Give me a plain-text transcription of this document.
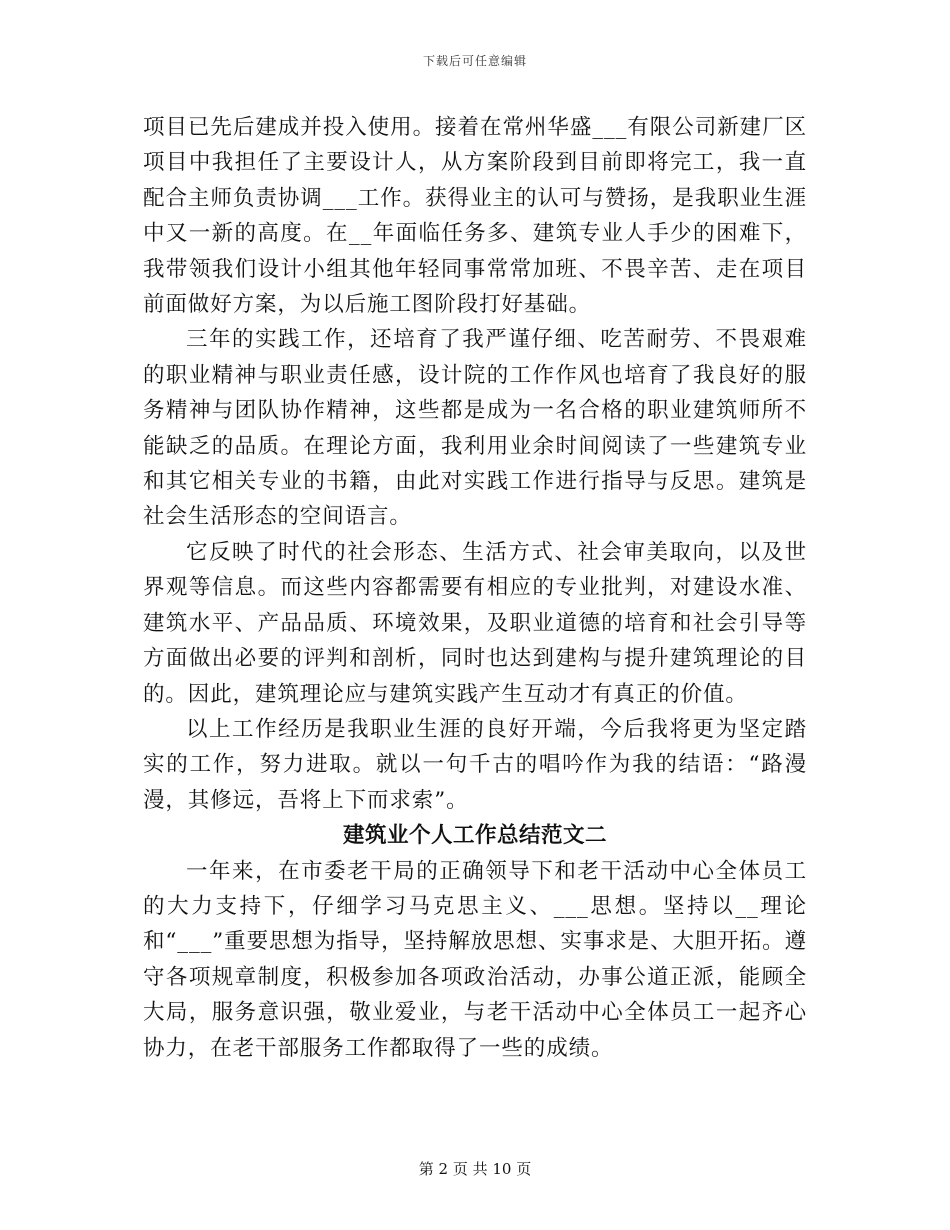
下载后可任意编辑

项目已先后建成并投入使用。接着在常州华盛___有限公司新建厂区项目中我担任了主要设计人，从方案阶段到目前即将完工，我一直配合主师负责协调___工作。获得业主的认可与赞扬，是我职业生涯中又一新的高度。在__年面临任务多、建筑专业人手少的困难下，我带领我们设计小组其他年轻同事常常加班、不畏辛苦、走在项目前面做好方案，为以后施工图阶段打好基础。

三年的实践工作，还培育了我严谨仔细、吃苦耐劳、不畏艰难的职业精神与职业责任感，设计院的工作作风也培育了我良好的服务精神与团队协作精神，这些都是成为一名合格的职业建筑师所不能缺乏的品质。在理论方面，我利用业余时间阅读了一些建筑专业和其它相关专业的书籍，由此对实践工作进行指导与反思。建筑是社会生活形态的空间语言。

它反映了时代的社会形态、生活方式、社会审美取向，以及世界观等信息。而这些内容都需要有相应的专业批判，对建设水准、建筑水平、产品品质、环境效果，及职业道德的培育和社会引导等方面做出必要的评判和剖析，同时也达到建构与提升建筑理论的目的。因此，建筑理论应与建筑实践产生互动才有真正的价值。

以上工作经历是我职业生涯的良好开端，今后我将更为坚定踏实的工作，努力进取。就以一句千古的唱吟作为我的结语：“路漫漫，其修远，吾将上下而求索”。

建筑业个人工作总结范文二

一年来，在市委老干局的正确领导下和老干活动中心全体员工的大力支持下，仔细学习马克思主义、___思想。坚持以__理论和“___”重要思想为指导，坚持解放思想、实事求是、大胆开拓。遵守各项规章制度，积极参加各项政治活动，办事公道正派，能顾全大局，服务意识强，敬业爱业，与老干活动中心全体员工一起齐心协力，在老干部服务工作都取得了一些的成绩。

第 2 页 共 10 页
